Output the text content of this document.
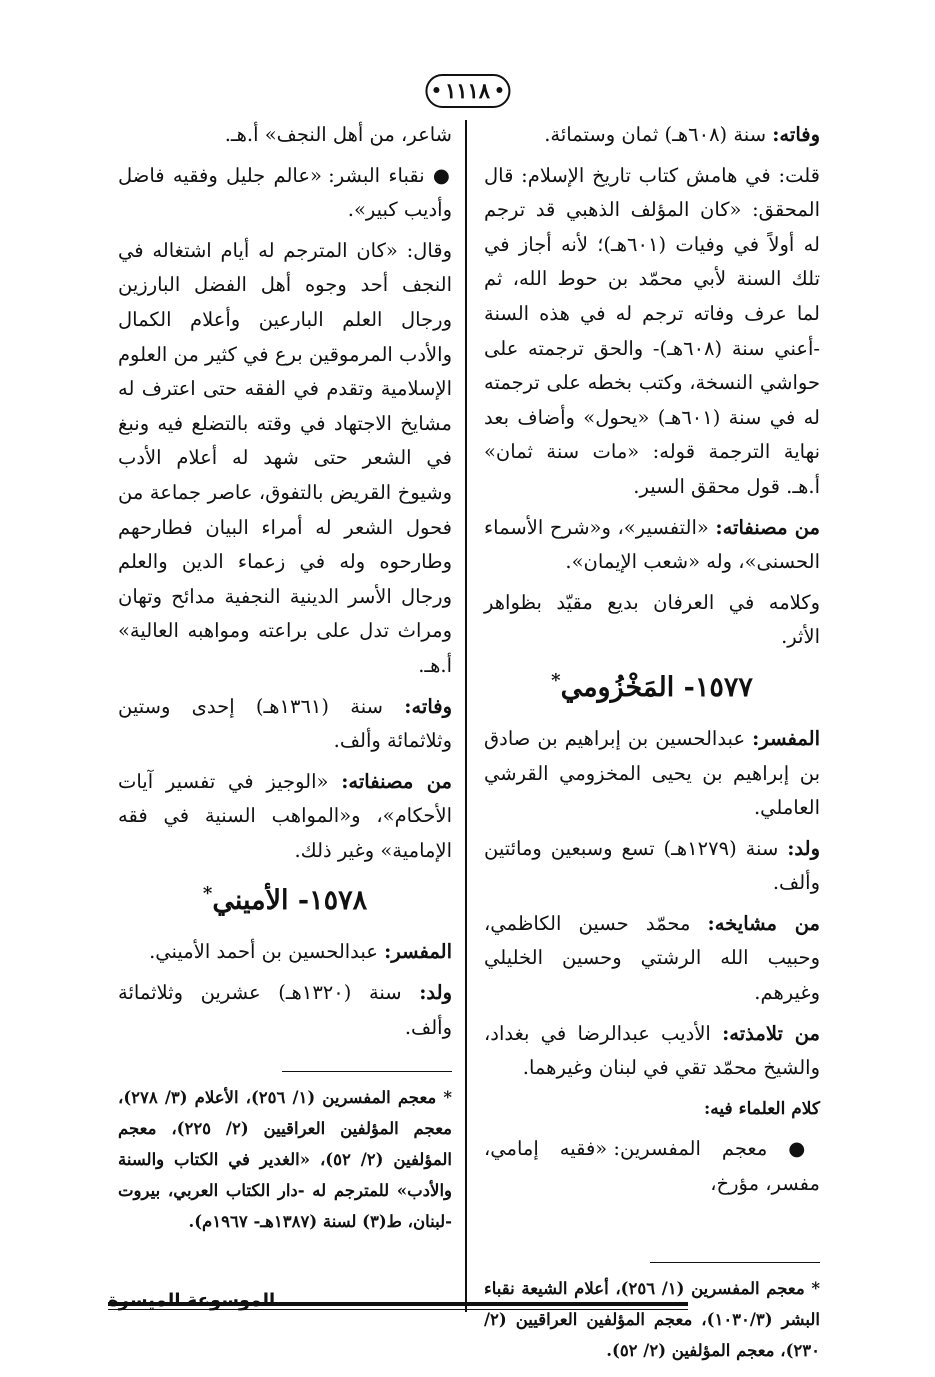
١١١٨

وفاته: سنة (٦٠٨هـ) ثمان وستمائة.

قلت: في هامش كتاب تاريخ الإسلام: قال المحقق: «كان المؤلف الذهبي قد ترجم له أولاً في وفيات (٦٠١هـ)؛ لأنه أجاز في تلك السنة لأبي محمّد بن حوط الله، ثم لما عرف وفاته ترجم له في هذه السنة -أعني سنة (٦٠٨هـ)- والحق ترجمته على حواشي النسخة، وكتب بخطه على ترجمته له في سنة (٦٠١هـ) «يحول» وأضاف بعد نهاية الترجمة قوله: «مات سنة ثمان» أ.هـ. قول محقق السير.

من مصنفاته: «التفسير»، و«شرح الأسماء الحسنى»، وله «شعب الإيمان».

وكلامه في العرفان بديع مقيّد بظواهر الأثر.

١٥٧٧- المَخْزُومي*

المفسر: عبدالحسين بن إبراهيم بن صادق بن إبراهيم بن يحيى المخزومي القرشي العاملي.

ولد: سنة (١٢٧٩هـ) تسع وسبعين ومائتين وألف.

من مشايخه: محمّد حسين الكاظمي، وحبيب الله الرشتي وحسين الخليلي وغيرهم.

من تلامذته: الأديب عبدالرضا في بغداد، والشيخ محمّد تقي في لبنان وغيرهما.

كلام العلماء فيه:

● معجم المفسرين: «فقيه إمامي، مفسر، مؤرخ،

* معجم المفسرين (١/ ٢٥٦)، أعلام الشيعة نقباء البشر (١٠٣٠/٣)، معجم المؤلفين العراقيين (٢/ ٢٣٠)، معجم المؤلفين (٢/ ٥٢).

شاعر، من أهل النجف» أ.هـ.

● نقباء البشر: «عالم جليل وفقيه فاضل وأديب كبير».

وقال: «كان المترجم له أيام اشتغاله في النجف أحد وجوه أهل الفضل البارزين ورجال العلم البارعين وأعلام الكمال والأدب المرموقين برع في كثير من العلوم الإسلامية وتقدم في الفقه حتى اعترف له مشايخ الاجتهاد في وقته بالتضلع فيه ونبغ في الشعر حتى شهد له أعلام الأدب وشيوخ القريض بالتفوق، عاصر جماعة من فحول الشعر له أمراء البيان فطارحهم وطارحوه وله في زعماء الدين والعلم ورجال الأسر الدينية النجفية مدائح وتهان ومراث تدل على براعته ومواهبه العالية» أ.هـ.

وفاته: سنة (١٣٦١هـ) إحدى وستين وثلاثمائة وألف.

من مصنفاته: «الوجيز في تفسير آيات الأحكام»، و«المواهب السنية في فقه الإمامية» وغير ذلك.

١٥٧٨- الأميني*

المفسر: عبدالحسين بن أحمد الأميني.

ولد: سنة (١٣٢٠هـ) عشرين وثلاثمائة وألف.

* معجم المفسرين (١/ ٢٥٦)، الأعلام (٣/ ٢٧٨)، معجم المؤلفين العراقيين (٢/ ٢٢٥)، معجم المؤلفين (٢/ ٥٢)، «الغدير في الكتاب والسنة والأدب» للمترجم له -دار الكتاب العربي، بيروت -لبنان، ط(٣) لسنة (١٣٨٧هـ- ١٩٦٧م).
الموسوعة الميسرة
